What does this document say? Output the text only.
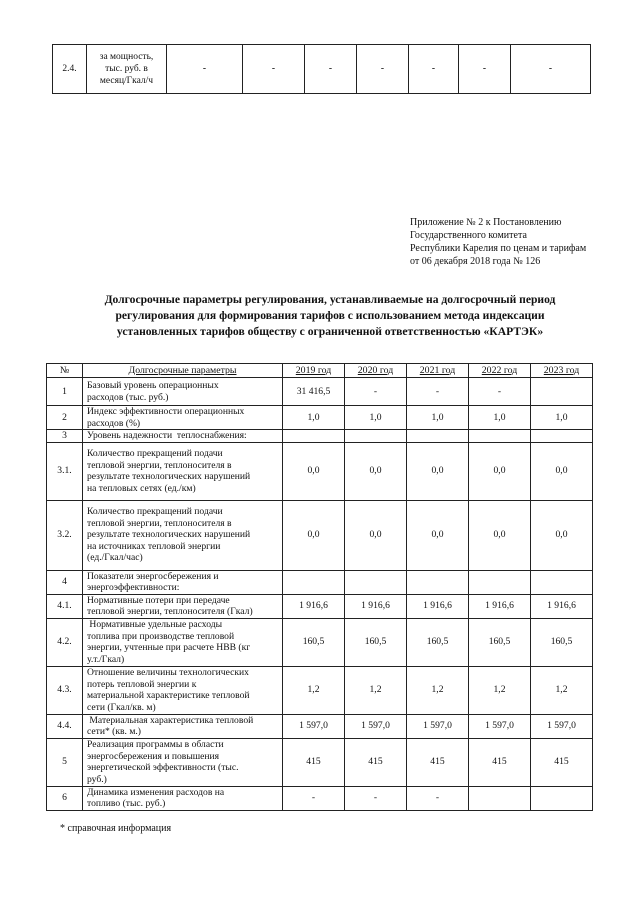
2.4.	
за мощность,
тыс. руб. в
месяц/Гкал/ч
	-	-	-	-	-	-	-
Приложение № 2 к Постановлению
Государственного комитета
Республики Карелия по ценам и тарифам
от 06 декабря 2018 года № 126
Долгосрочные параметры регулирования, устанавливаемые на долгосрочный период
регулирования для формирования тарифов с использованием метода индексации
установленных тарифов обществу с ограниченной ответственностью «КАРТЭК»
№	Долгосрочные параметры	2019 год	2020 год	2021 год	2022 год	2023 год
1	Базовый уровень операционных
расходов (тыс. руб.)	31 416,5	-	-	-	
2	Индекс эффективности операционных
расходов (%)	1,0	1,0	1,0	1,0	1,0
3	Уровень надежности  теплоснабжения:					

3.1.	Количество прекращений подачи
тепловой энергии, теплоносителя в
результате технологических нарушений
на тепловых сетях (ед./км)	0,0	0,0	0,0	0,0	0,0
3.2.	Количество прекращений подачи
тепловой энергии, теплоносителя в
результате технологических нарушений
на источниках тепловой энергии
(ед./Гкал/час)	0,0	0,0	0,0	0,0	0,0
4	Показатели энергосбережения и
энергоэффективности:					

4.1.	Нормативные потери при передаче
тепловой энергии, теплоносителя (Гкал)	1 916,6	1 916,6	1 916,6	1 916,6	1 916,6
4.2.	Нормативные удельные расходы
топлива при производстве тепловой
энергии, учтенные при расчете НВВ (кг
у.т./Гкал)	160,5	160,5	160,5	160,5	160,5
4.3.	Отношение величины технологических
потерь тепловой энергии к
материальной характеристике тепловой
сети (Гкал/кв. м)	1,2	1,2	1,2	1,2	1,2
4.4.	Материальная характеристика тепловой
сети* (кв. м.)	1 597,0	1 597,0	1 597,0	1 597,0	1 597,0
5	Реализация программы в области
энергосбережения и повышения
энергетической эффективности (тыс.
руб.)	415	415	415	415	415
6	Динамика изменения расходов на
топливо (тыс. руб.)	-	-	-		
* справочная информация
